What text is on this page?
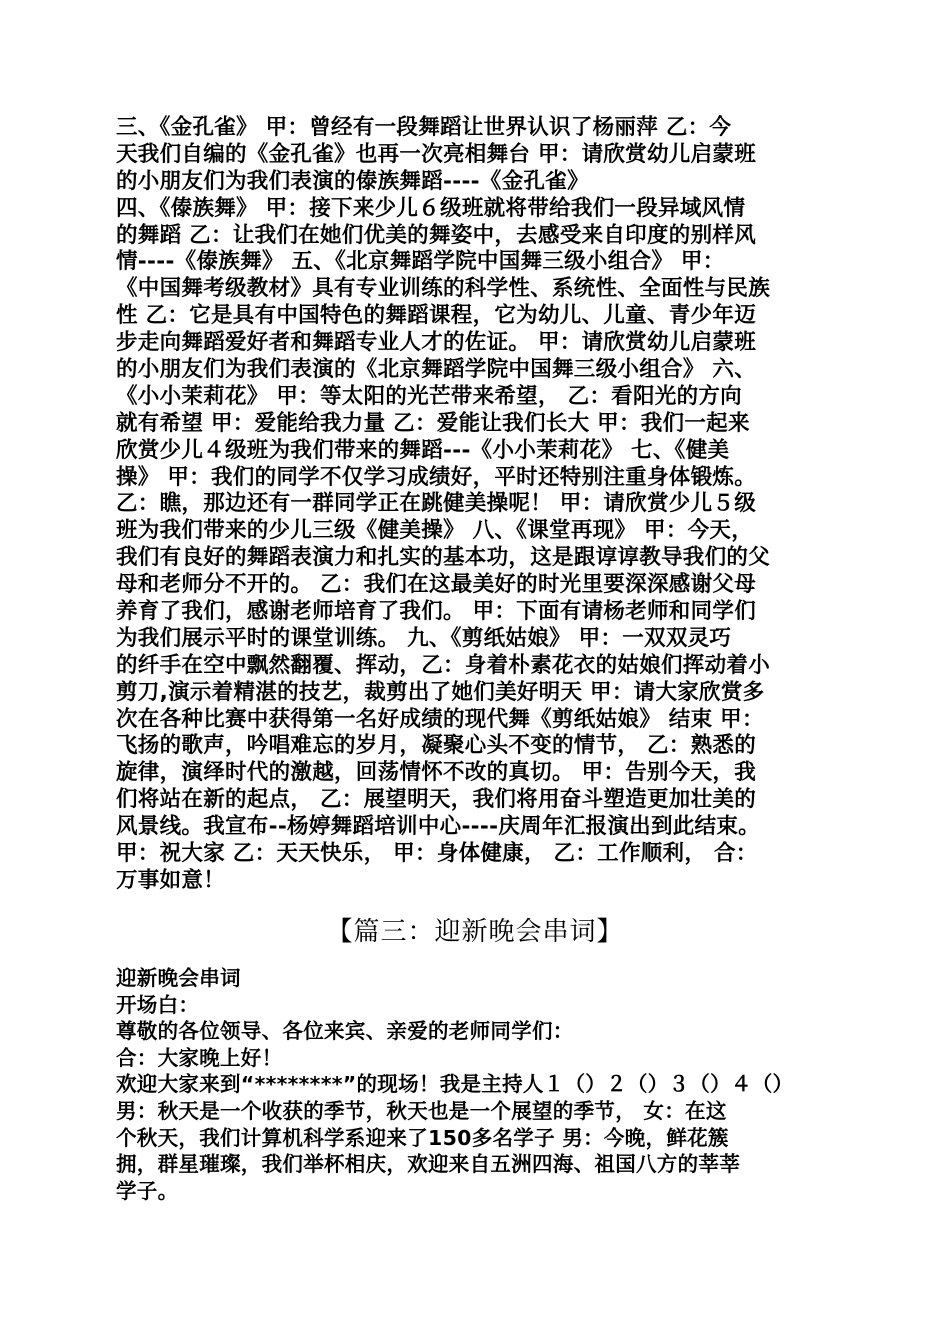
三、《金孔雀》 甲：曾经有一段舞蹈让世界认识了杨丽萍 乙：今
天我们自编的《金孔雀》也再一次亮相舞台 甲：请欣赏幼儿启蒙班
的小朋友们为我们表演的傣族舞蹈----《金孔雀》
四、《傣族舞》 甲：接下来少儿６级班就将带给我们一段异域风情
的舞蹈 乙：让我们在她们优美的舞姿中，去感受来自印度的别样风
情----《傣族舞》 五、《北京舞蹈学院中国舞三级小组合》 甲：
《中国舞考级教材》具有专业训练的科学性、系统性、全面性与民族
性 乙：它是具有中国特色的舞蹈课程，它为幼儿、儿童、青少年迈
步走向舞蹈爱好者和舞蹈专业人才的佐证。 甲：请欣赏幼儿启蒙班
的小朋友们为我们表演的《北京舞蹈学院中国舞三级小组合》 六、
《小小茉莉花》 甲：等太阳的光芒带来希望， 乙：看阳光的方向
就有希望 甲：爱能给我力量 乙：爱能让我们长大 甲：我们一起来
欣赏少儿４级班为我们带来的舞蹈---《小小茉莉花》 七、《健美
操》 甲：我们的同学不仅学习成绩好，平时还特别注重身体锻炼。
乙：瞧，那边还有一群同学正在跳健美操呢！ 甲：请欣赏少儿５级
班为我们带来的少儿三级《健美操》 八、《课堂再现》 甲：今天，
我们有良好的舞蹈表演力和扎实的基本功，这是跟谆谆教导我们的父
母和老师分不开的。 乙：我们在这最美好的时光里要深深感谢父母
养育了我们，感谢老师培育了我们。 甲：下面有请杨老师和同学们
为我们展示平时的课堂训练。 九、《剪纸姑娘》 甲：一双双灵巧
的纤手在空中飘然翻覆、挥动，乙：身着朴素花衣的姑娘们挥动着小
剪刀,演示着精湛的技艺，裁剪出了她们美好明天 甲：请大家欣赏多
次在各种比赛中获得第一名好成绩的现代舞《剪纸姑娘》 结束 甲：
飞扬的歌声，吟唱难忘的岁月，凝聚心头不变的情节， 乙：熟悉的
旋律，演绎时代的激越，回荡情怀不改的真切。 甲：告别今天，我
们将站在新的起点， 乙：展望明天，我们将用奋斗塑造更加壮美的
风景线。我宣布--杨婷舞蹈培训中心----庆周年汇报演出到此结束。
甲：祝大家 乙：天天快乐， 甲：身体健康， 乙：工作顺利， 合：
万事如意！
【篇三：迎新晚会串词】
迎新晚会串词
开场白：
尊敬的各位领导、各位来宾、亲爱的老师同学们：
合：大家晚上好！
欢迎大家来到“********”的现场！我是主持人１（）２（）３（）４（）
男：秋天是一个收获的季节，秋天也是一个展望的季节， 女：在这
个秋天，我们计算机科学系迎来了150多名学子 男：今晚，鲜花簇
拥，群星璀璨，我们举杯相庆，欢迎来自五洲四海、祖国八方的莘莘
学子。
